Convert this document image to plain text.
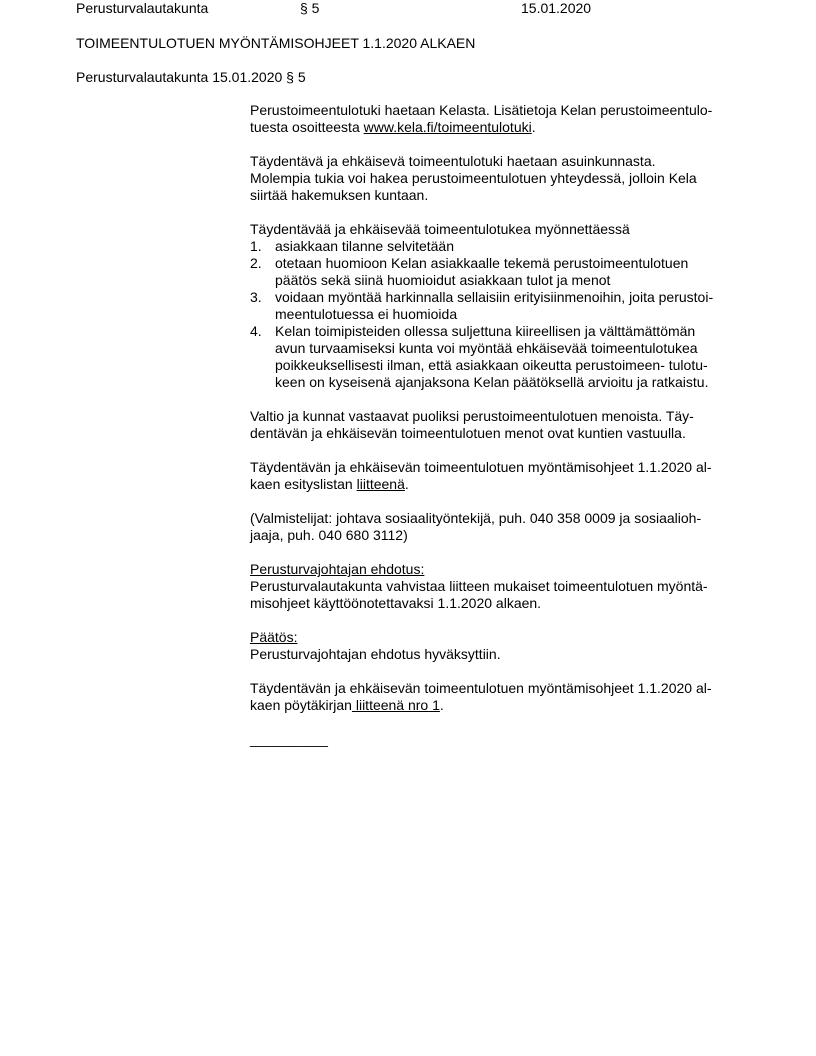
Perusturvalautakunta	§ 5	15.01.2020
TOIMEENTULOTUEN MYÖNTÄMISOHJEET 1.1.2020 ALKAEN
Perusturvalautakunta 15.01.2020 § 5
Perustoimeentulotuki haetaan Kelasta. Lisätietoja Kelan perustoimeentulo-
tuesta osoitteesta www.kela.fi/toimeentulotuki.
Täydentävä ja ehkäisevä toimeentulotuki haetaan asuinkunnasta.
Molempia tukia voi hakea perustoimeentulotuen yhteydessä, jolloin Kela
siirtää hakemuksen kuntaan.
Täydentävää ja ehkäisevää toimeentulotukea myönnettäessä
1. asiakkaan tilanne selvitetään
2. otetaan huomioon Kelan asiakkaalle tekemä perustoimeentulotuen
päätös sekä siinä huomioidut asiakkaan tulot ja menot
3. voidaan myöntää harkinnalla sellaisiin erityisiinmenoihin, joita perustoi-
meentulotuessa ei huomioida
4. Kelan toimipisteiden ollessa suljettuna kiireellisen ja välttämättömän
avun turvaamiseksi kunta voi myöntää ehkäisevää toimeentulotukea
poikkeuksellisesti ilman, että asiakkaan oikeutta perustoimeen- tulotu-
keen on kyseisenä ajanjaksona Kelan päätöksellä arvioitu ja ratkaistu.
Valtio ja kunnat vastaavat puoliksi perustoimeentulotuen menoista. Täy-
dentävän ja ehkäisevän toimeentulotuen menot ovat kuntien vastuulla.
Täydentävän ja ehkäisevän toimeentulotuen myöntämisohjeet 1.1.2020 al-
kaen esityslistan liitteenä.
(Valmistelijat: johtava sosiaalityöntekijä, puh. 040 358 0009 ja sosiaalioh-
jaaja, puh. 040 680 3112)
Perusturvajohtajan ehdotus:
Perusturvalautakunta vahvistaa liitteen mukaiset toimeentulotuen myöntä-
misohjeet käyttöönotettavaksi 1.1.2020 alkaen.
Päätös:
Perusturvajohtajan ehdotus hyväksyttiin.
Täydentävän ja ehkäisevän toimeentulotuen myöntämisohjeet 1.1.2020 al-
kaen pöytäkirjan liitteenä nro 1.
__________
